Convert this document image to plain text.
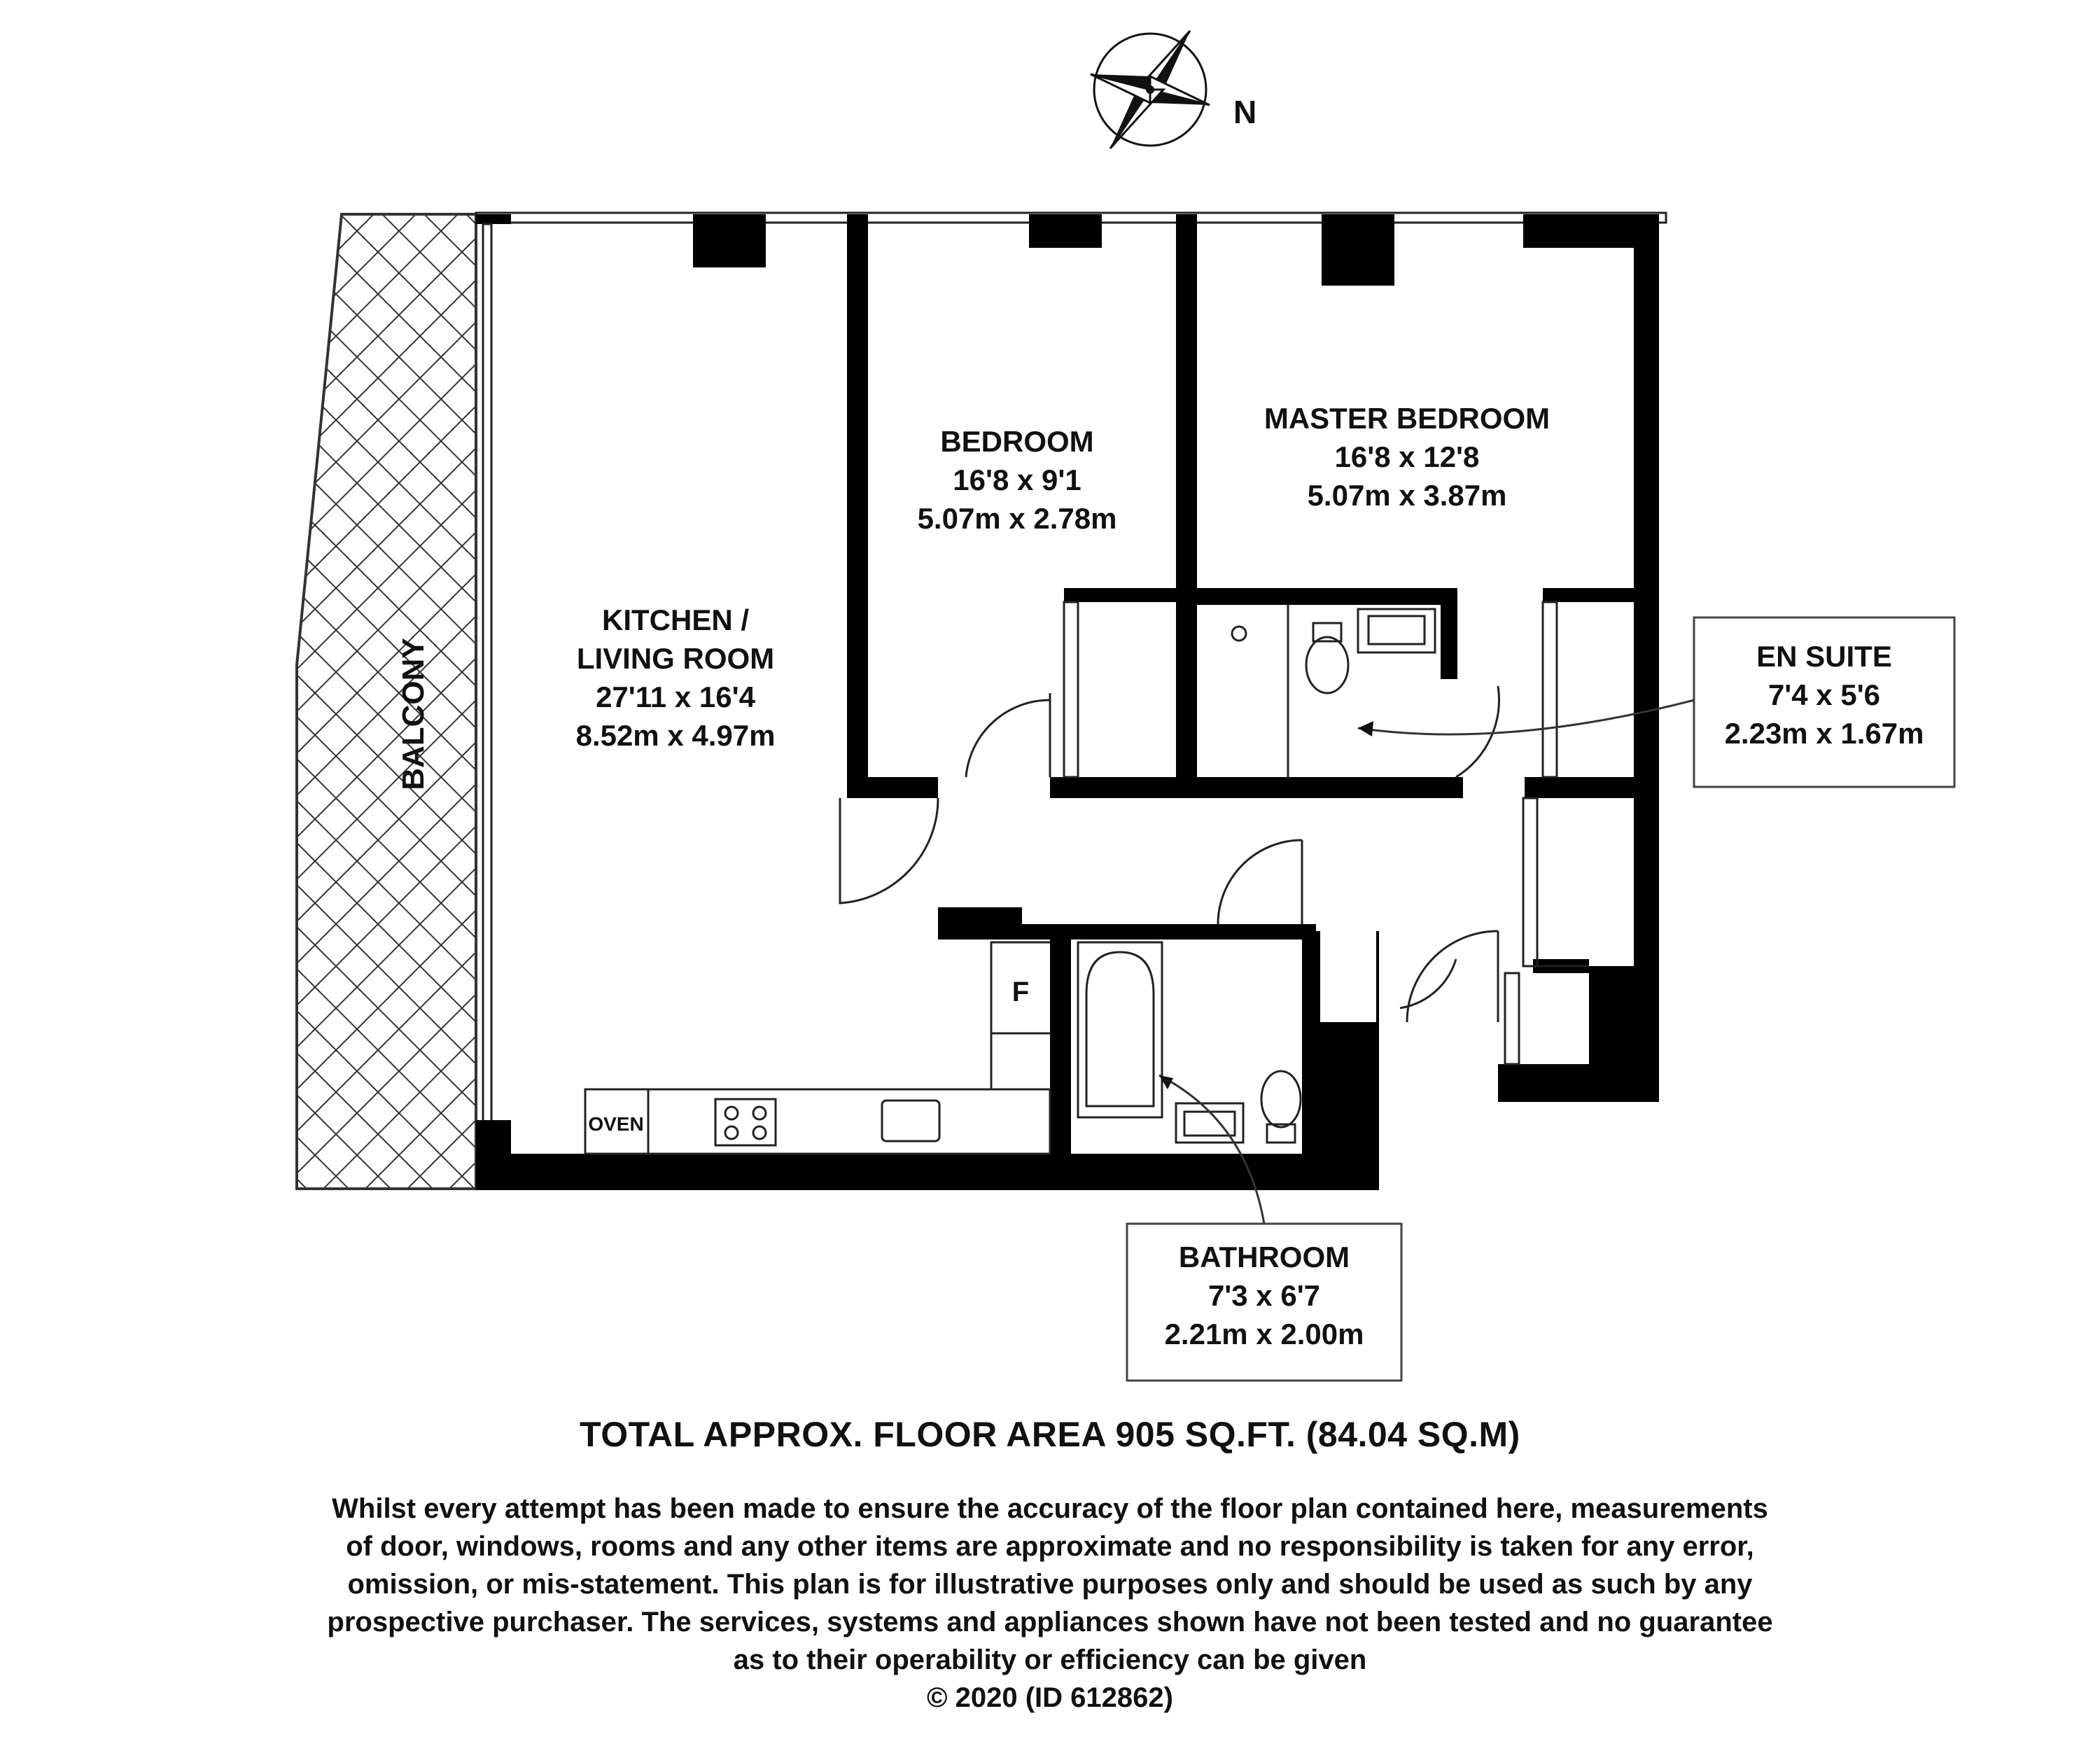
N
BALCONY
KITCHEN /
LIVING ROOM
27'11 x 16'4
8.52m x 4.97m
BEDROOM
16'8 x 9'1
5.07m x 2.78m
MASTER BEDROOM
16'8 x 12'8
5.07m x 3.87m
EN SUITE
7'4 x 5'6
2.23m x 1.67m
BATHROOM
7'3 x 6'7
2.21m x 2.00m
OVEN
F
TOTAL APPROX. FLOOR AREA 905 SQ.FT. (84.04 SQ.M)
Whilst every attempt has been made to ensure the accuracy of the floor plan contained here, measurements
of door, windows, rooms and any other items are approximate and no responsibility is taken for any error,
omission, or mis-statement. This plan is for illustrative purposes only and should be used as such by any
prospective purchaser. The services, systems and appliances shown have not been tested and no guarantee
as to their operability or efficiency can be given
© 2020 (ID 612862)
